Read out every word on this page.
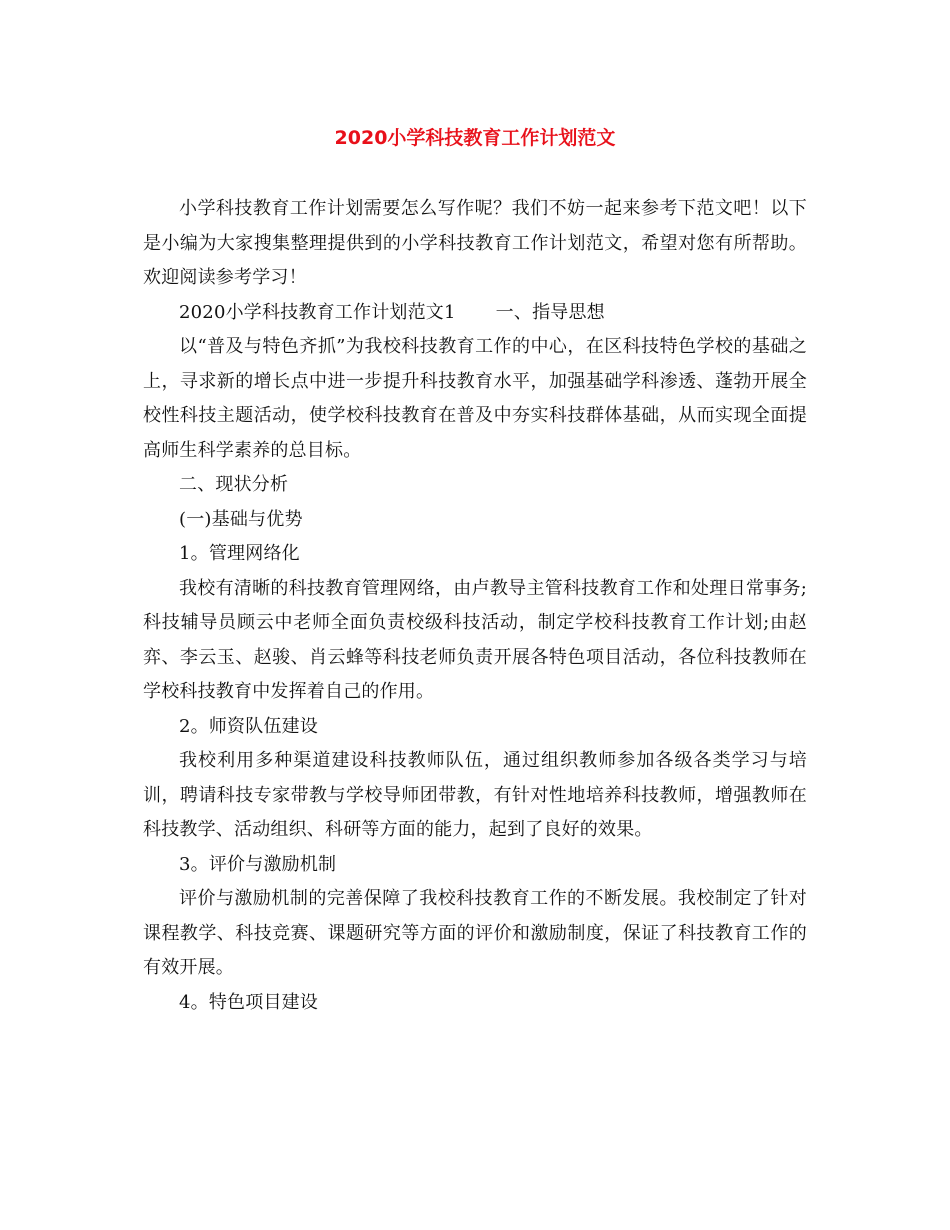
2020小学科技教育工作计划范文

小学科技教育工作计划需要怎么写作呢？我们不妨一起来参考下范文吧！以下是小编为大家搜集整理提供到的小学科技教育工作计划范文，希望对您有所帮助。欢迎阅读参考学习！

2020小学科技教育工作计划范文1 一、指导思想

以“普及与特色齐抓”为我校科技教育工作的中心，在区科技特色学校的基础之上，寻求新的增长点中进一步提升科技教育水平，加强基础学科渗透、蓬勃开展全校性科技主题活动，使学校科技教育在普及中夯实科技群体基础，从而实现全面提高师生科学素养的总目标。

二、现状分析

(一)基础与优势

1。管理网络化

我校有清晰的科技教育管理网络，由卢教导主管科技教育工作和处理日常事务;科技辅导员顾云中老师全面负责校级科技活动，制定学校科技教育工作计划;由赵弈、李云玉、赵骏、肖云蜂等科技老师负责开展各特色项目活动，各位科技教师在学校科技教育中发挥着自己的作用。

2。师资队伍建设

我校利用多种渠道建设科技教师队伍，通过组织教师参加各级各类学习与培训，聘请科技专家带教与学校导师团带教，有针对性地培养科技教师，增强教师在科技教学、活动组织、科研等方面的能力，起到了良好的效果。

3。评价与激励机制

评价与激励机制的完善保障了我校科技教育工作的不断发展。我校制定了针对课程教学、科技竞赛、课题研究等方面的评价和激励制度，保证了科技教育工作的有效开展。

4。特色项目建设
